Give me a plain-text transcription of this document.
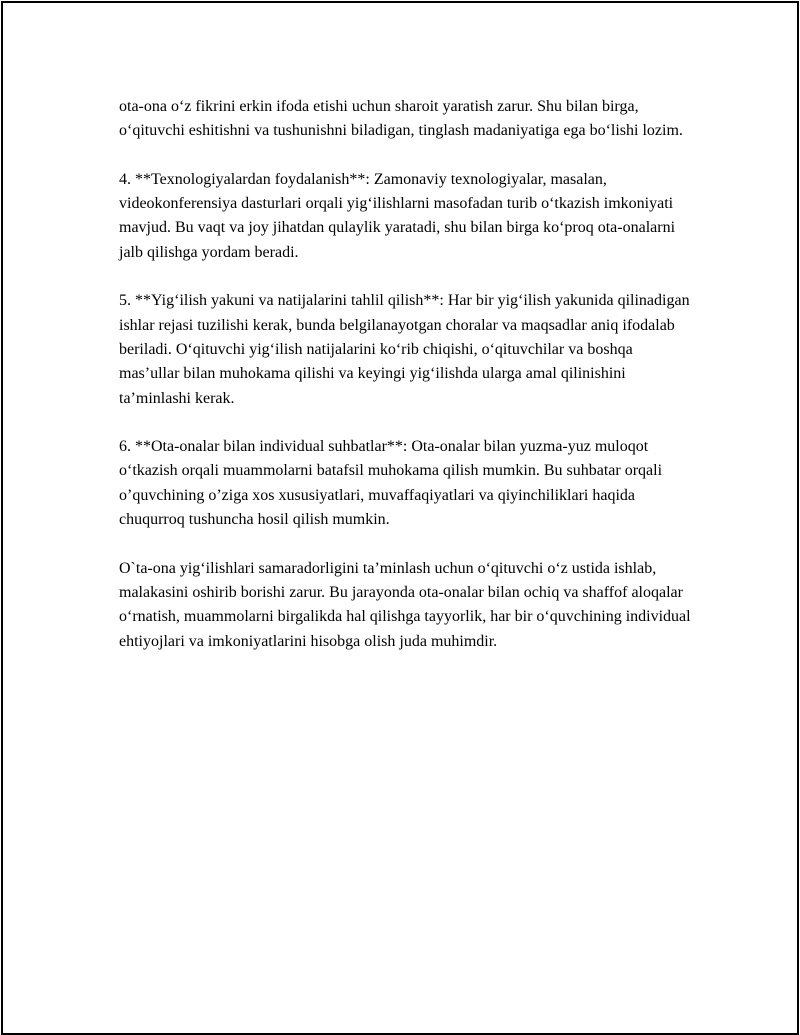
ota-ona o‘z fikrini erkin ifoda etishi uchun sharoit yaratish zarur. Shu bilan birga, o‘qituvchi eshitishni va tushunishni biladigan, tinglash madaniyatiga ega bo‘lishi lozim.

4. **Texnologiyalardan foydalanish**: Zamonaviy texnologiyalar, masalan, videokonferensiya dasturlari orqali yig‘ilishlarni masofadan turib o‘tkazish imkoniyati mavjud. Bu vaqt va joy jihatdan qulaylik yaratadi, shu bilan birga ko‘proq ota-onalarni jalb qilishga yordam beradi.

5. **Yig‘ilish yakuni va natijalarini tahlil qilish**: Har bir yig‘ilish yakunida qilinadigan ishlar rejasi tuzilishi kerak, bunda belgilanayotgan choralar va maqsadlar aniq ifodalab beriladi. O‘qituvchi yig‘ilish natijalarini ko‘rib chiqishi, o‘qituvchilar va boshqa mas’ullar bilan muhokama qilishi va keyingi yig‘ilishda ularga amal qilinishini ta’minlashi kerak.

6. **Ota-onalar bilan individual suhbatlar**: Ota-onalar bilan yuzma-yuz muloqot o‘tkazish orqali muammolarni batafsil muhokama qilish mumkin. Bu suhbatar orqali o’quvchining o’ziga xos xususiyatlari, muvaffaqiyatlari va qiyinchiliklari haqida chuqurroq tushuncha hosil qilish mumkin.

O`ta-ona yig‘ilishlari samaradorligini ta’minlash uchun o‘qituvchi o‘z ustida ishlab, malakasini oshirib borishi zarur. Bu jarayonda ota-onalar bilan ochiq va shaffof aloqalar o‘rnatish, muammolarni birgalikda hal qilishga tayyorlik, har bir o‘quvchining individual ehtiyojlari va imkoniyatlarini hisobga olish juda muhimdir.
